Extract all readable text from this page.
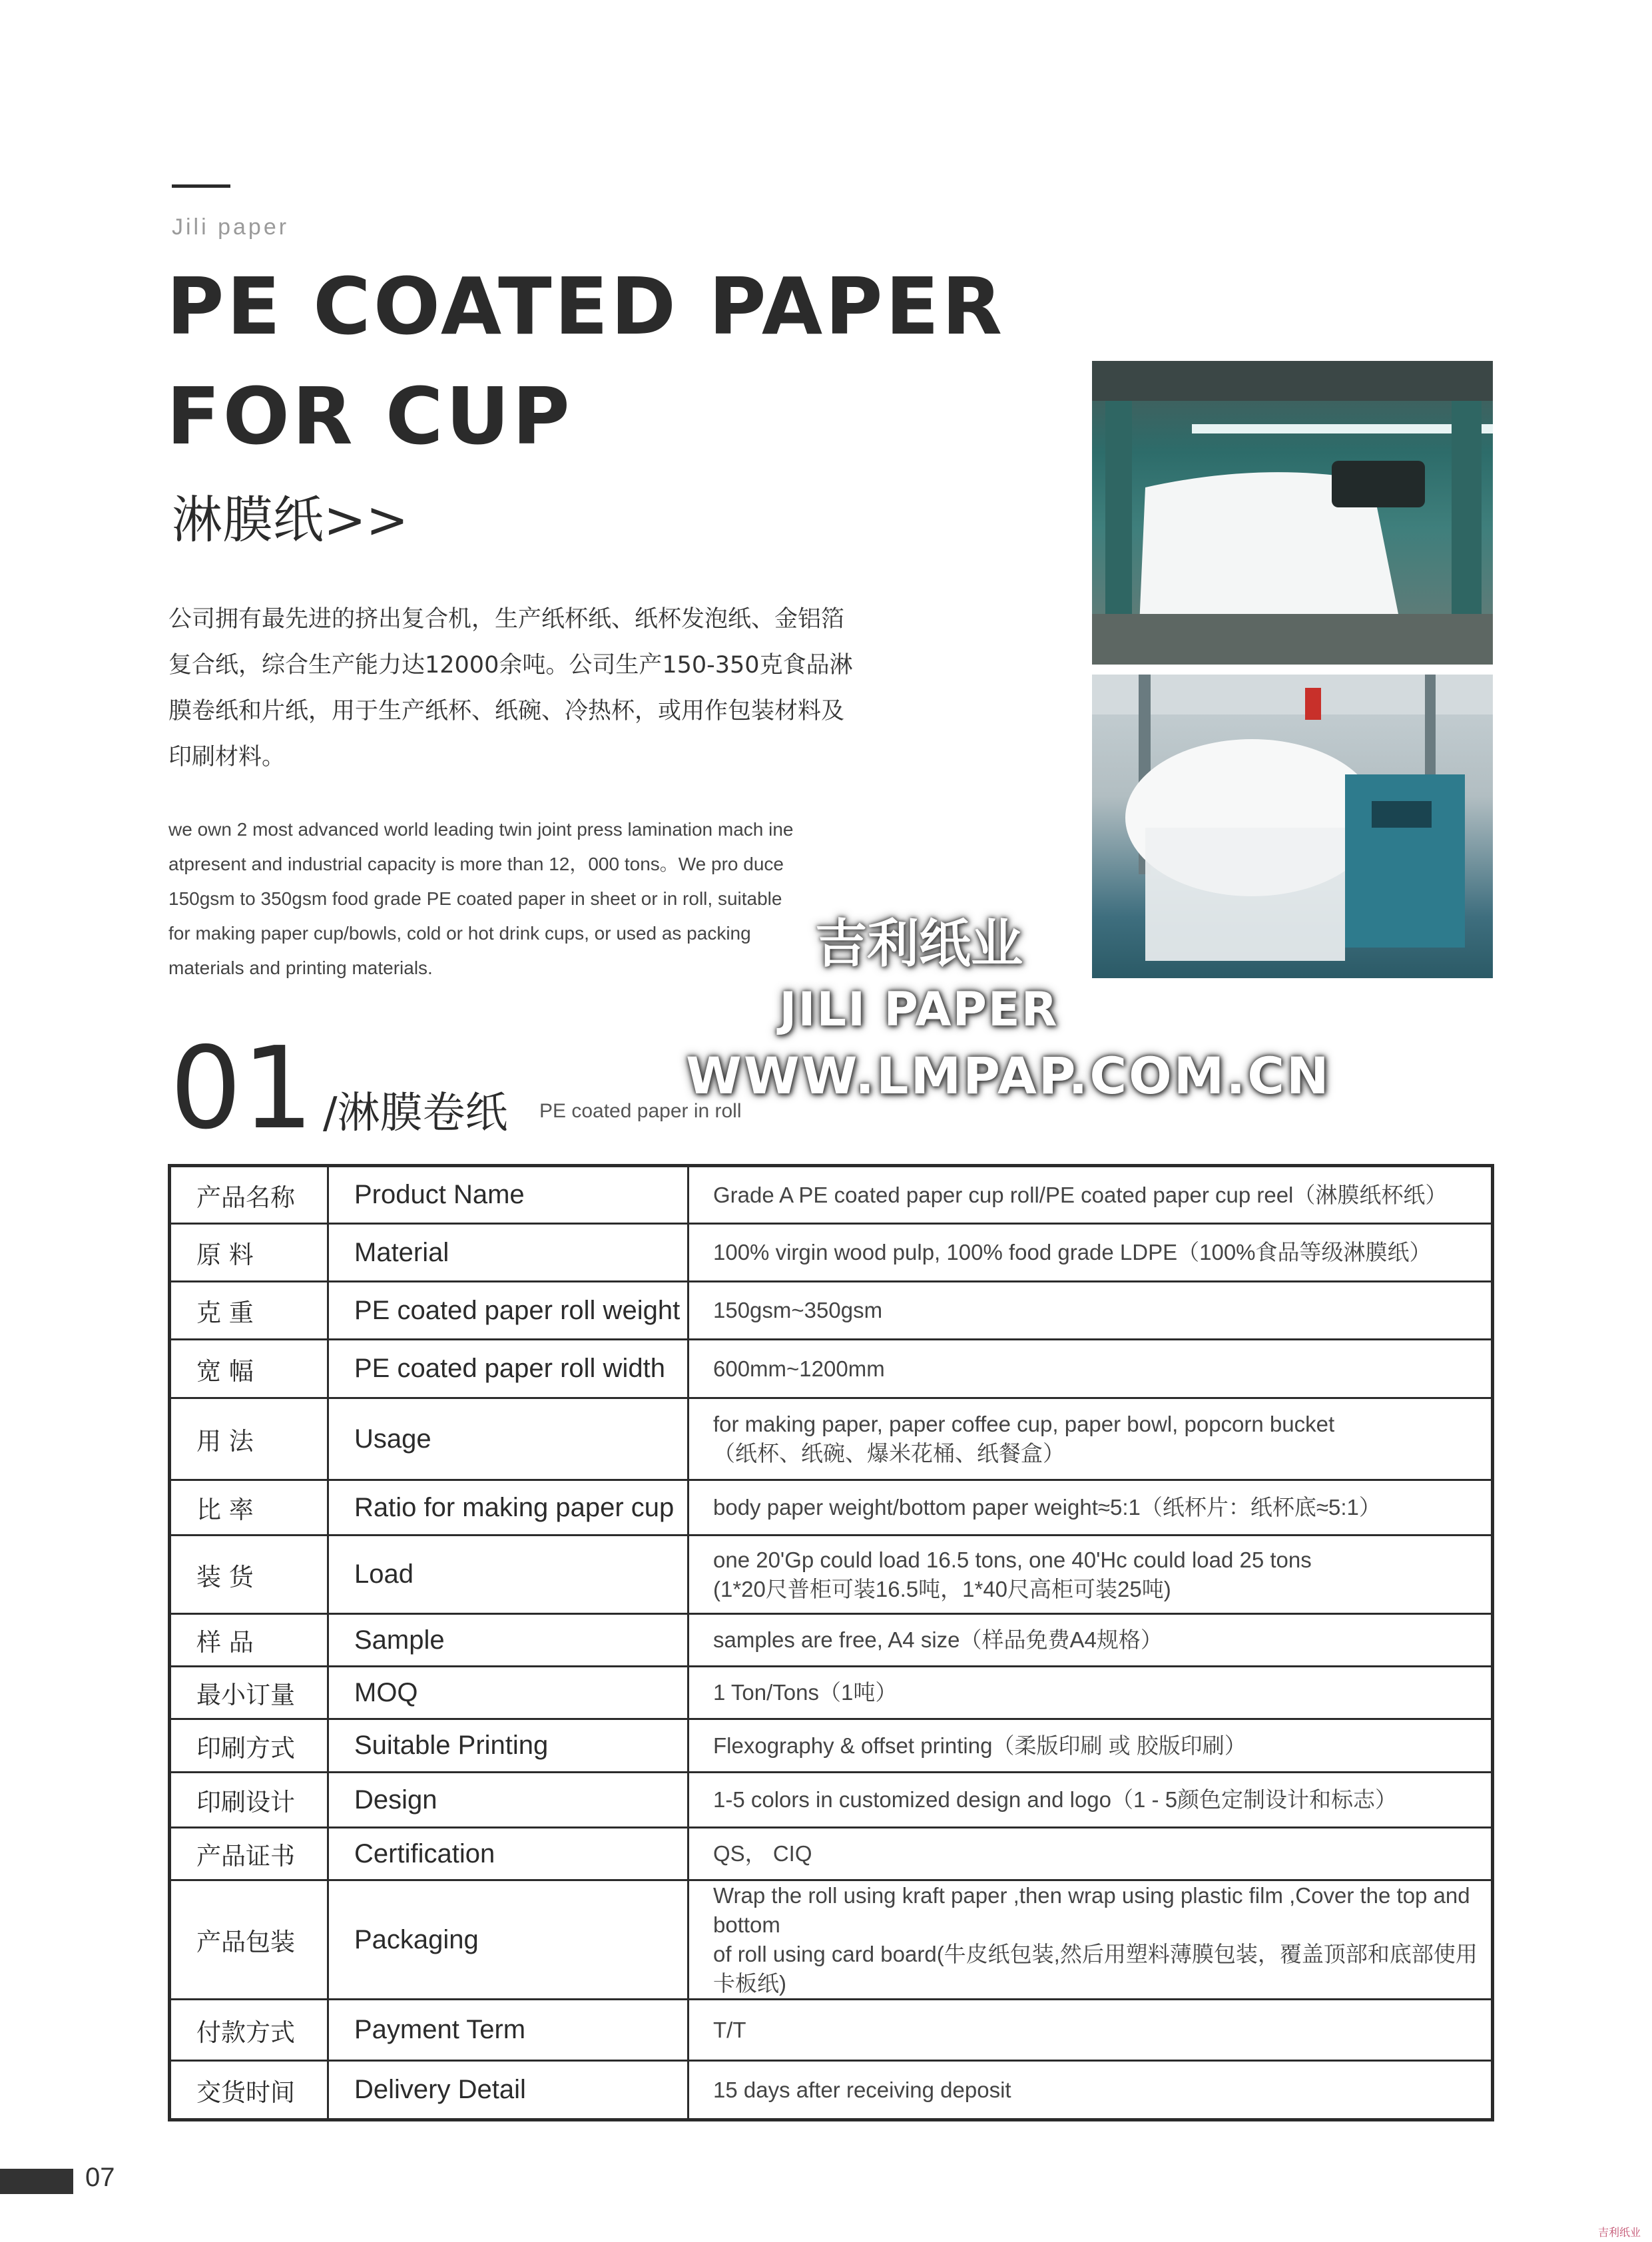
Jili paper
PE COATED PAPER
FOR CUP
淋膜纸>>
公司拥有最先进的挤出复合机，生产纸杯纸、纸杯发泡纸、金铝箔
复合纸，综合生产能力达12000余吨。公司生产150-350克食品淋
膜卷纸和片纸，用于生产纸杯、纸碗、冷热杯，或用作包装材料及
印刷材料。
we own 2 most advanced world leading twin joint press lamination mach ine
atpresent and industrial capacity is more than 12，000 tons。We pro duce
150gsm to 350gsm food grade PE coated paper in sheet or in roll, suitable
for making paper cup/bowls, cold or hot drink cups, or used as packing
materials and printing materials.	吉利纸业
JILI PAPER
WWW.LMPAP.COM.CN
01 /淋膜卷纸 PE coated paper in roll
产品名称	Product Name	Grade A PE coated paper cup roll/PE coated paper cup reel（淋膜纸杯纸）

原 料	Material	100% virgin wood pulp, 100% food grade LDPE（100%食品等级淋膜纸）

克 重	PE coated paper roll weight	150gsm~350gsm

宽 幅	PE coated paper roll width	600mm~1200mm

用 法	Usage	for making paper, paper coffee cup, paper bowl, popcorn bucket
（纸杯、纸碗、爆米花桶、纸餐盒）

比 率	Ratio for making paper cup	body paper weight/bottom paper weight≈5:1（纸杯片：纸杯底≈5:1）

装 货	Load	one 20'Gp could load 16.5 tons, one 40'Hc could load 25 tons
(1*20尺普柜可装16.5吨，1*40尺高柜可装25吨)

样 品	Sample	samples are free, A4 size（样品免费A4规格）

最小订量	MOQ	1 Ton/Tons（1吨）

印刷方式	Suitable Printing	Flexography & offset printing（柔版印刷 或 胶版印刷）

印刷设计	Design	1-5 colors in customized design and logo（1 - 5颜色定制设计和标志）

产品证书	Certification	QS， CIQ

产品包装	Packaging	Wrap the roll using kraft paper ,then wrap using plastic film ,Cover the top and bottom
of roll using card board(牛皮纸包装,然后用塑料薄膜包装，覆盖顶部和底部使用卡板纸)

付款方式	Payment Term	T/T

交货时间	Delivery Detail	15 days after receiving deposit
07
吉利纸业
